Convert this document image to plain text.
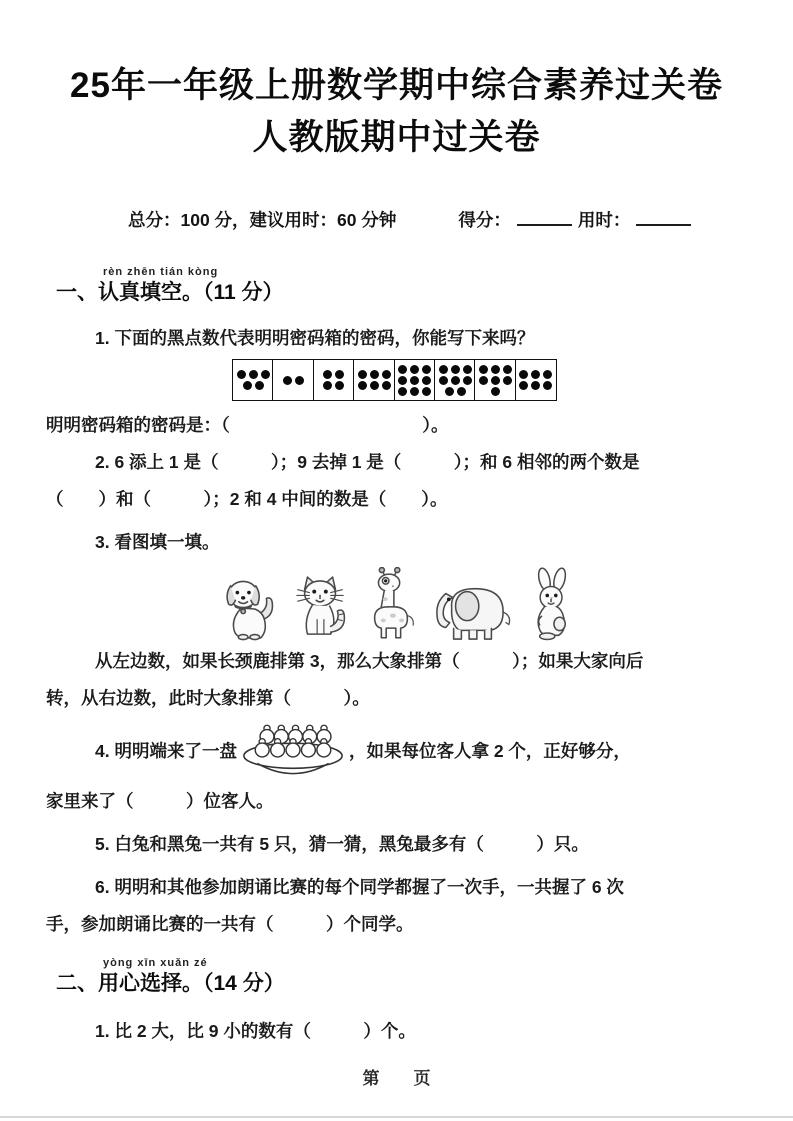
25年一年级上册数学期中综合素养过关卷
人教版期中过关卷
总分：100 分，建议用时：60 分钟	得分：	用时：
rèn zhēn tián kòng
一、认真填空。（11 分）
1. 下面的黑点数代表明明密码箱的密码，你能写下来吗？
明明密码箱的密码是：（　　　　　　　　　　　）。
2. 6 添上 1 是（　　　）；9 去掉 1 是（　　　）；和 6 相邻的两个数是
（　　）和（　　　）；2 和 4 中间的数是（　　）。
3. 看图填一填。
从左边数，如果长颈鹿排第 3，那么大象排第（　　　）；如果大家向后
转，从右边数，此时大象排第（　　　）。
4. 明明端来了一盘	，如果每位客人拿 2 个，正好够分，
家里来了（　　　）位客人。
5. 白兔和黑兔一共有 5 只，猜一猜，黑兔最多有（　　　）只。
6. 明明和其他参加朗诵比赛的每个同学都握了一次手，一共握了 6 次
手，参加朗诵比赛的一共有（　　　）个同学。
yòng xīn xuǎn zé
二、用心选择。（14 分）
1. 比 2 大，比 9 小的数有（　　　）个。
第　　页
